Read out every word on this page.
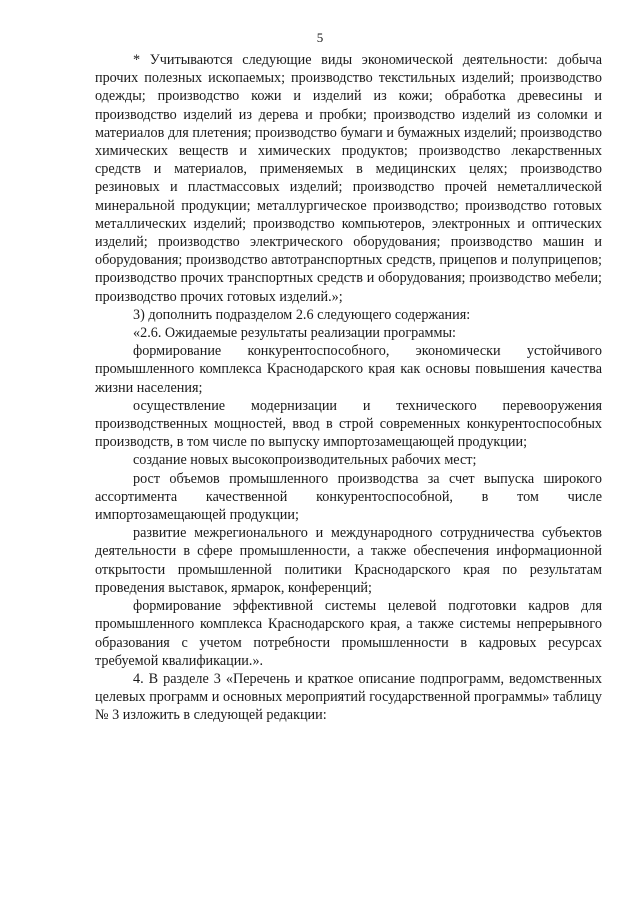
5

* Учитываются следующие виды экономической деятельности: добыча прочих полезных ископаемых; производство текстильных изделий; производство одежды; производство кожи и изделий из кожи; обработка древесины и производство изделий из дерева и пробки; производство изделий из соломки и материалов для плетения; производство бумаги и бумажных изделий; производство химических веществ и химических продуктов; производство лекарственных средств и материалов, применяемых в медицинских целях; производство резиновых и пластмассовых изделий; производство прочей неметаллической минеральной продукции; металлургическое производство; производство готовых металлических изделий; производство компьютеров, электронных и оптических изделий; производство электрического оборудования; производство машин и оборудования; производство автотранспортных средств, прицепов и полуприцепов; производство прочих транспортных средств и оборудования; производство мебели; производство прочих готовых изделий.»;

3) дополнить подразделом 2.6 следующего содержания:

«2.6. Ожидаемые результаты реализации программы:

формирование конкурентоспособного, экономически устойчивого промышленного комплекса Краснодарского края как основы повышения качества жизни населения;

осуществление модернизации и технического перевооружения производственных мощностей, ввод в строй современных конкурентоспособных производств, в том числе по выпуску импортозамещающей продукции;

создание новых высокопроизводительных рабочих мест;

рост объемов промышленного производства за счет выпуска широкого ассортимента качественной конкурентоспособной, в том числе импортозамещающей продукции;

развитие межрегионального и международного сотрудничества субъектов деятельности в сфере промышленности, а также обеспечения информационной открытости промышленной политики Краснодарского края по результатам проведения выставок, ярмарок, конференций;

формирование эффективной системы целевой подготовки кадров для промышленного комплекса Краснодарского края, а также системы непрерывного образования с учетом потребности промышленности в кадровых ресурсах требуемой квалификации.».

4. В разделе 3 «Перечень и краткое описание подпрограмм, ведомственных целевых программ и основных мероприятий государственной программы» таблицу № 3 изложить в следующей редакции:
